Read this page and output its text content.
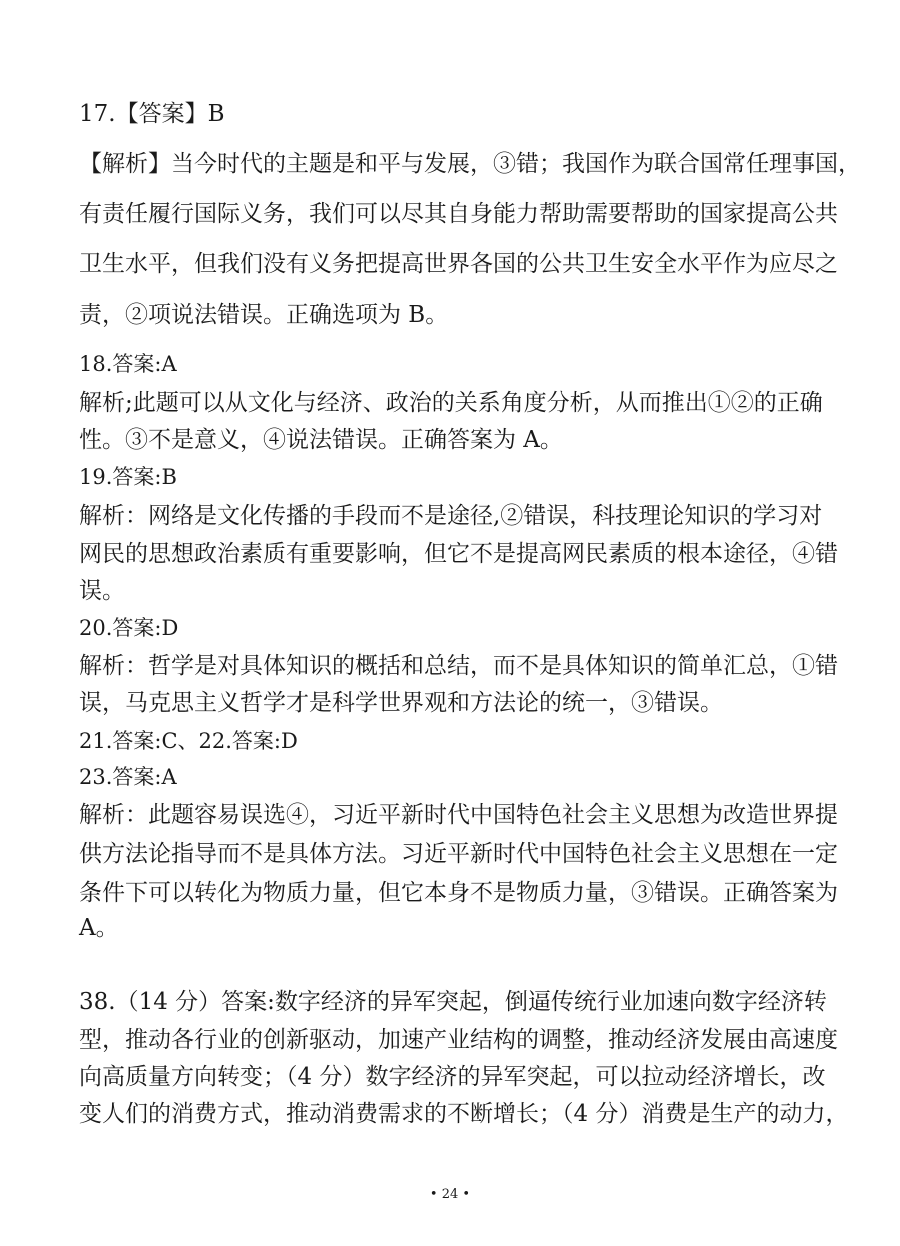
17.【答案】B
【解析】当今时代的主题是和平与发展，③错；我国作为联合国常任理事国，
有责任履行国际义务，我们可以尽其自身能力帮助需要帮助的国家提高公共
卫生水平，但我们没有义务把提高世界各国的公共卫生安全水平作为应尽之
责，②项说法错误。正确选项为 B。
18.答案:A
解析;此题可以从文化与经济、政治的关系角度分析，从而推出①②的正确
性。③不是意义，④说法错误。正确答案为 A。
19.答案:B
解析：网络是文化传播的手段而不是途径,②错误，科技理论知识的学习对
网民的思想政治素质有重要影响，但它不是提高网民素质的根本途径，④错
误。
20.答案:D
解析：哲学是对具体知识的概括和总结，而不是具体知识的简单汇总，①错
误，马克思主义哲学才是科学世界观和方法论的统一，③错误。
21.答案:C、22.答案:D
23.答案:A
解析：此题容易误选④，习近平新时代中国特色社会主义思想为改造世界提
供方法论指导而不是具体方法。习近平新时代中国特色社会主义思想在一定
条件下可以转化为物质力量，但它本身不是物质力量，③错误。正确答案为
A。
38.（14 分）答案:数字经济的异军突起，倒逼传统行业加速向数字经济转
型，推动各行业的创新驱动，加速产业结构的调整，推动经济发展由高速度
向高质量方向转变；（4 分）数字经济的异军突起，可以拉动经济增长，改
变人们的消费方式，推动消费需求的不断增长；（4 分）消费是生产的动力，
• 24 •
